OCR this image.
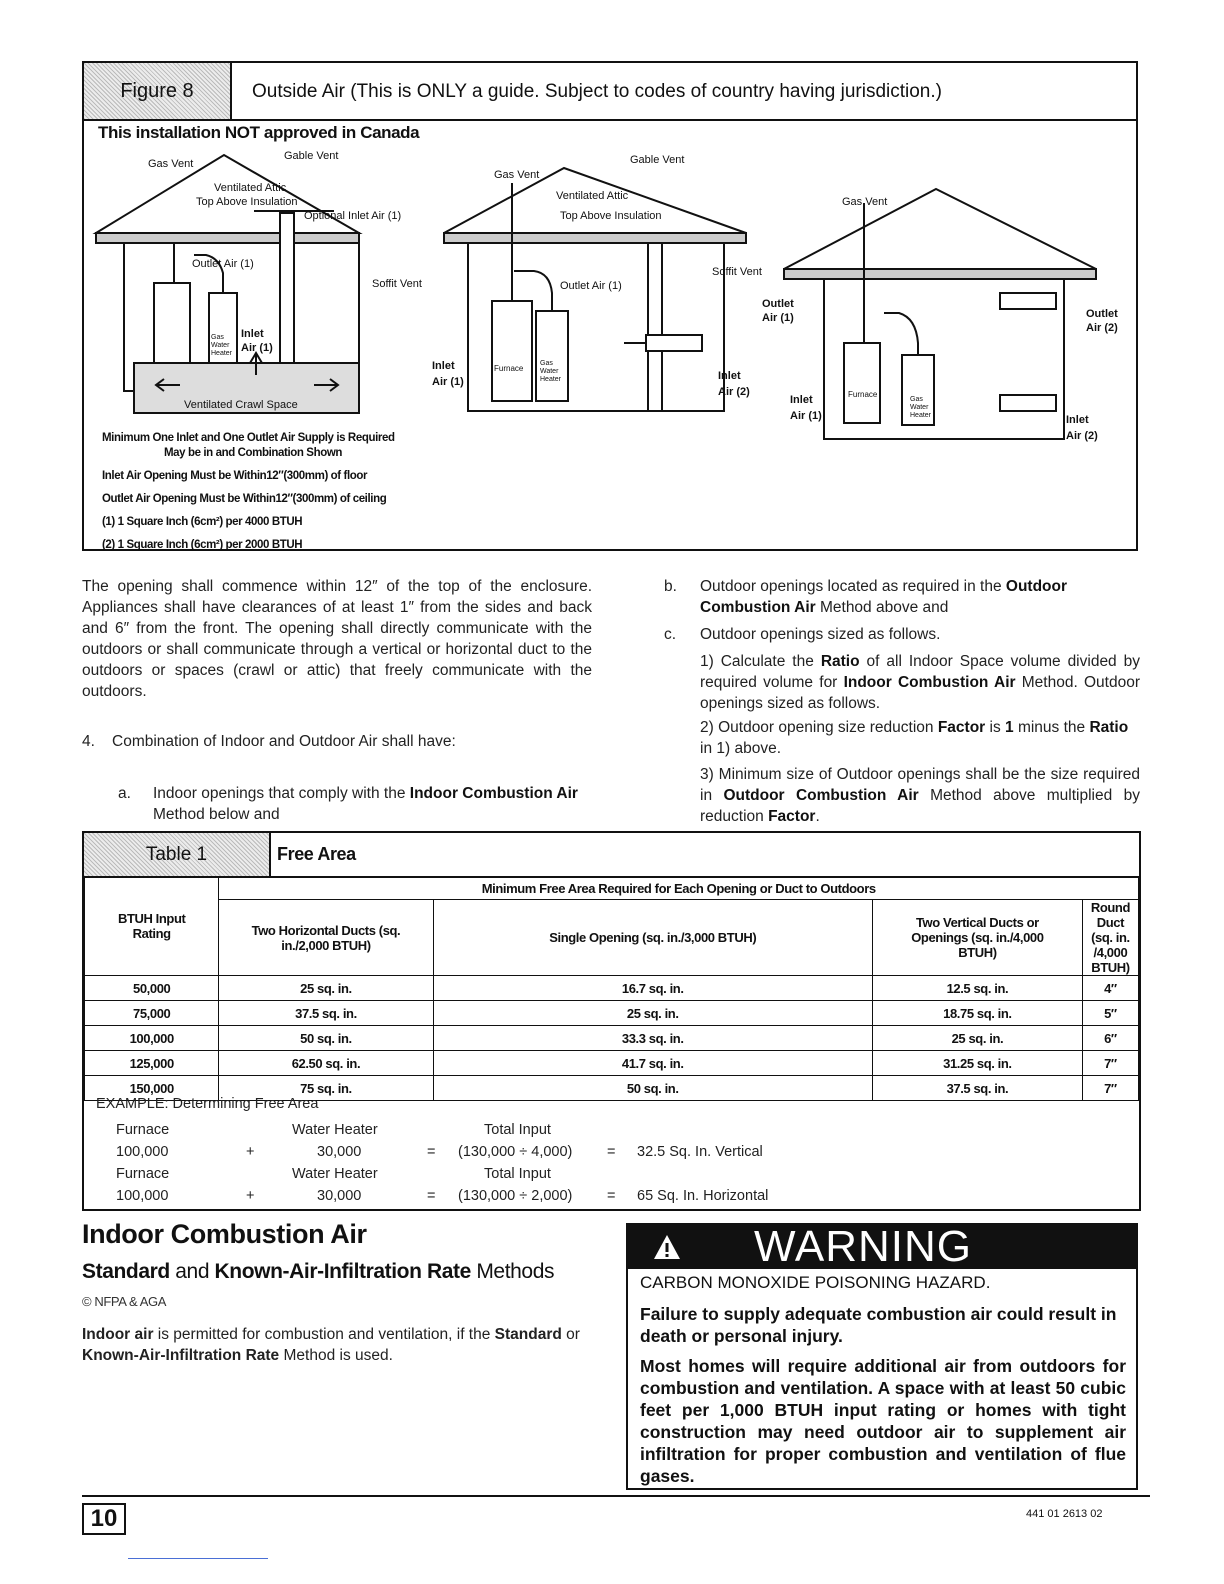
Figure 8	Outside Air (This is ONLY a guide. Subject to codes of country having jurisdiction.)
This installation NOT approved in Canada
Gas Vent
Gable Vent
Ventilated Attic
Top Above Insulation
Optional Inlet Air (1)
Outlet Air (1)
Soffit Vent
Inlet
Air (1)
Gas
Water
Heater
Ventilated Crawl Space
Gas Vent
Gable Vent
Ventilated Attic
Top Above Insulation
Outlet Air (1)
Soffit Vent
Inlet
Air (1)	Inlet
Air (2)
Furnace
Gas
Water
Heater
Gas Vent
Outlet
Air (1)	Outlet
Air (2)
Inlet
Air (1)	Inlet
Air (2)
Furnace
Gas
Water
Heater
Minimum One Inlet and One Outlet Air Supply is Required
May be in and Combination Shown
Inlet Air Opening Must be Within12″(300mm) of floor
Outlet Air Opening Must be Within12″(300mm) of ceiling
(1) 1 Square Inch (6cm²) per 4000 BTUH
(2) 1 Square Inch (6cm²) per 2000 BTUH
The opening shall commence within 12″ of the top of the enclosure. Appliances shall have clearances of at least 1″ from the sides and back and 6″ from the front. The opening shall directly communicate with the outdoors or shall communicate through a vertical or horizontal duct to the outdoors or spaces (crawl or attic) that freely communicate with the outdoors.
4. Combination of Indoor and Outdoor Air shall have:
a. Indoor openings that comply with the Indoor Combustion Air Method below and
b. Outdoor openings located as required in the Outdoor Combustion Air Method above and
c. Outdoor openings sized as follows.
1) Calculate the Ratio of all Indoor Space volume divided by required volume for Indoor Combustion Air Method. Outdoor openings sized as follows.
2) Outdoor opening size reduction Factor is 1 minus the Ratio in 1) above.
3) Minimum size of Outdoor openings shall be the size required in Outdoor Combustion Air Method above multiplied by reduction Factor.
Table 1	Free Area
BTUH Input Rating	Minimum Free Area Required for Each Opening or Duct to Outdoors			
	Two Horizontal Ducts (sq. in./2,000 BTUH)	Single Opening (sq. in./3,000 BTUH)	Two Vertical Ducts or Openings (sq. in./4,000 BTUH)	Round Duct (sq. in. /4,000 BTUH)
50,000	25 sq. in.	16.7 sq. in.	12.5 sq. in.	4″
75,000	37.5 sq. in.	25 sq. in.	18.75 sq. in.	5″
100,000	50 sq. in.	33.3 sq. in.	25 sq. in.	6″
125,000	62.50 sq. in.	41.7 sq. in.	31.25 sq. in.	7″
150,000	75 sq. in.	50 sq. in.	37.5 sq. in.	7″
EXAMPLE: Determining Free Area
Furnace	Water Heater	Total Input
100,000	+	30,000	= (130,000 ÷ 4,000) = 32.5 Sq. In. Vertical
Furnace	Water Heater	Total Input
100,000	+	30,000	= (130,000 ÷ 2,000) = 65 Sq. In. Horizontal
Indoor Combustion Air
Standard and Known-Air-Infiltration Rate Methods
© NFPA & AGA
Indoor air is permitted for combustion and ventilation, if the Standard or Known-Air-Infiltration Rate Method is used.
WARNING
CARBON MONOXIDE POISONING HAZARD.
Failure to supply adequate combustion air could result in death or personal injury.
Most homes will require additional air from outdoors for combustion and ventilation. A space with at least 50 cubic feet per 1,000 BTUH input rating or homes with tight construction may need outdoor air to supplement air infiltration for proper combustion and ventilation of flue gases.
10	441 01 2613 02
